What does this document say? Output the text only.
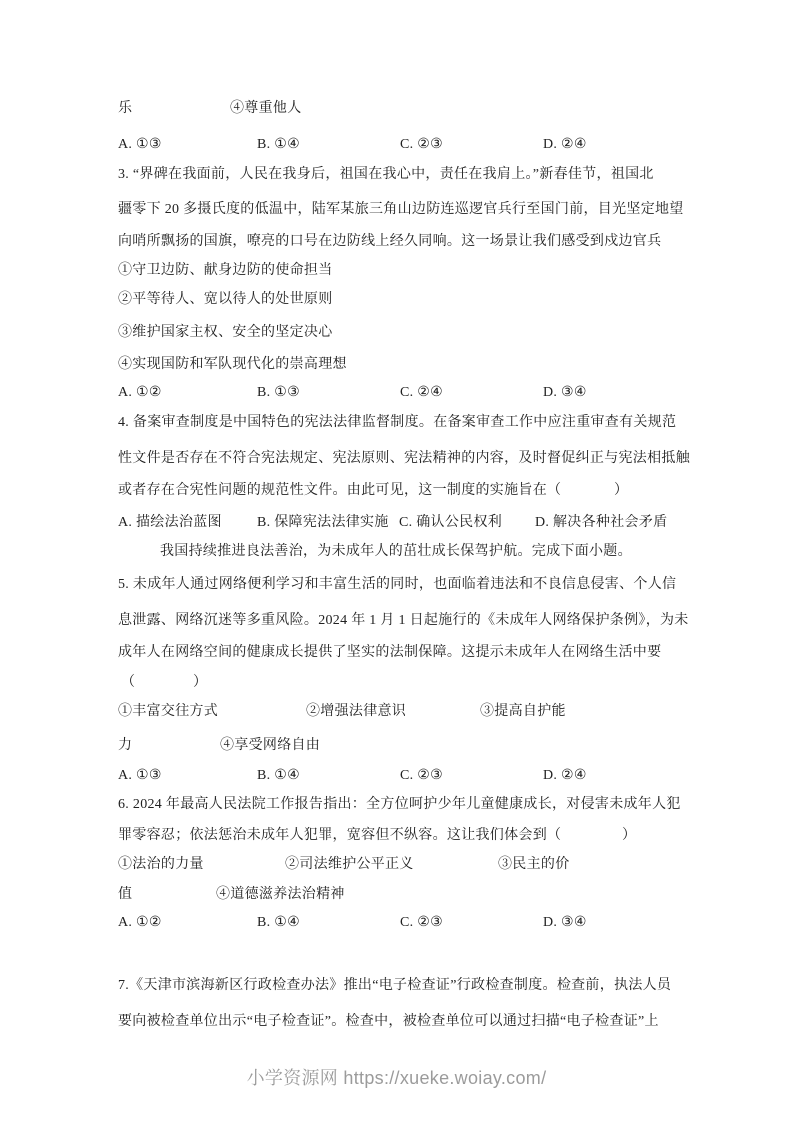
乐	④尊重他人
A. ①③	B. ①④	C. ②③	D. ②④
3. “界碑在我面前，人民在我身后，祖国在我心中，责任在我肩上。”新春佳节，祖国北
疆零下 20 多摄氏度的低温中，陆军某旅三角山边防连巡逻官兵行至国门前，目光坚定地望
向哨所飘扬的国旗，嘹亮的口号在边防线上经久同响。这一场景让我们感受到戍边官兵
①守卫边防、献身边防的使命担当
②平等待人、宽以待人的处世原则
③维护国家主权、安全的坚定决心
④实现国防和军队现代化的崇高理想
A. ①②	B. ①③	C. ②④	D. ③④
4. 备案审查制度是中国特色的宪法法律监督制度。在备案审查工作中应注重审查有关规范
性文件是否存在不符合宪法规定、宪法原则、宪法精神的内容，及时督促纠正与宪法相抵触
或者存在合宪性问题的规范性文件。由此可见，这一制度的实施旨在（	）
A. 描绘法治蓝图	B. 保障宪法法律实施 C. 确认公民权利 D. 解决各种社会矛盾
我国持续推进良法善治，为未成年人的茁壮成长保驾护航。完成下面小题。
5. 未成年人通过网络便利学习和丰富生活的同时，也面临着违法和不良信息侵害、个人信
息泄露、网络沉迷等多重风险。2024 年 1 月 1 日起施行的《未成年人网络保护条例》，为未
成年人在网络空间的健康成长提供了坚实的法制保障。这提示未成年人在网络生活中要
（	）
①丰富交往方式	②增强法律意识	③提高自护能
力	④享受网络自由
A. ①③	B. ①④	C. ②③	D. ②④
6. 2024 年最高人民法院工作报告指出：全方位呵护少年儿童健康成长，对侵害未成年人犯
罪零容忍；依法惩治未成年人犯罪，宽容但不纵容。这让我们体会到（	）
①法治的力量	②司法维护公平正义	③民主的价
值	④道德滋养法治精神
A. ①②	B. ①④	C. ②③	D. ③④
7.《天津市滨海新区行政检查办法》推出“电子检查证”行政检查制度。检查前，执法人员
要向被检查单位出示“电子检查证”。检查中，被检查单位可以通过扫描“电子检查证”上
小学资源网 https://xueke.woiay.com/
